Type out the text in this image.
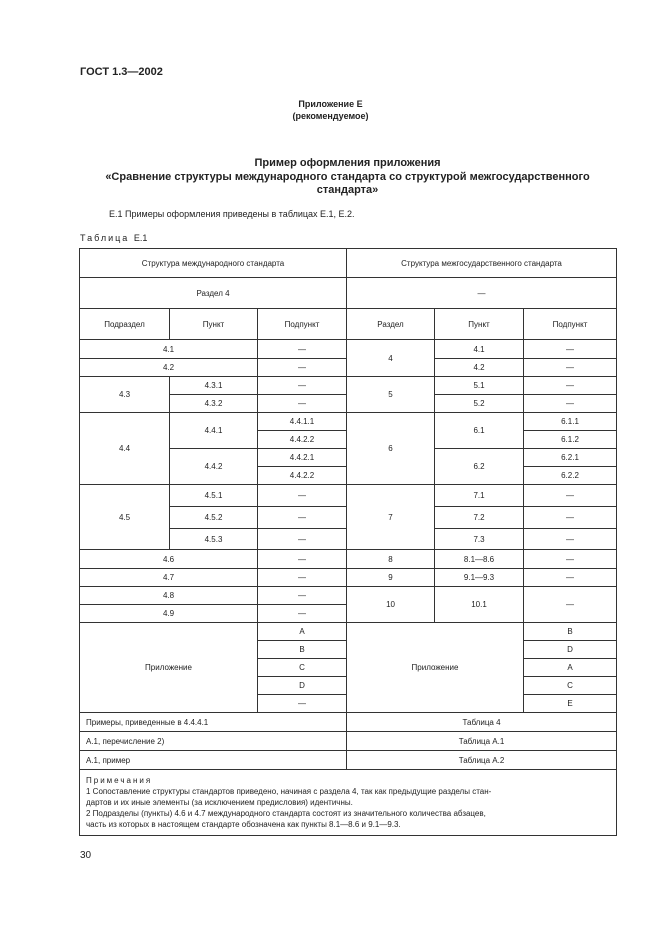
ГОСТ 1.3—2002
Приложение Е
(рекомендуемое)
Пример оформления приложения
«Сравнение структуры международного стандарта со структурой межгосударственного
стандарта»
Е.1 Примеры оформления приведены в таблицах Е.1, Е.2.
Таблица Е.1
Структура международного стандарта			Структура межгосударственного стандарта		
Раздел 4			—		
Подраздел	Пункт	Подпункт	Раздел	Пункт	Подпункт
4.1		—	4	4.1	—
4.2		—		4.2	—
4.3	4.3.1	—	5	5.1	—
	4.3.2	—		5.2	—
4.4	4.4.1	4.4.1.1	6	6.1	6.1.1
		4.4.2.2			6.1.2
	4.4.2	4.4.2.1		6.2	6.2.1
		4.4.2.2			6.2.2
4.5	4.5.1	—	7	7.1	—
	4.5.2	—		7.2	—
	4.5.3	—		7.3	—
4.6		—	8	8.1—8.6	—
4.7		—	9	9.1—9.3	—
4.8		—	10	10.1	—
4.9		—			
Приложение		A	Приложение		B
		B			D
		C			A
		D			C
		—			E
Примеры, приведенные в 4.4.4.1			Таблица 4		
А.1, перечисление 2)			Таблица А.1		
А.1, пример			Таблица А.2		

Примечания
1 Сопоставление структуры стандартов приведено, начиная с раздела 4, так как предыдущие разделы стан-
дартов и их иные элементы (за исключением предисловия) идентичны.
2 Подразделы (пункты) 4.6 и 4.7 международного стандарта состоят из значительного количества абзацев,
часть из которых в настоящем стандарте обозначена как пункты 8.1—8.6 и 9.1—9.3.					
30
